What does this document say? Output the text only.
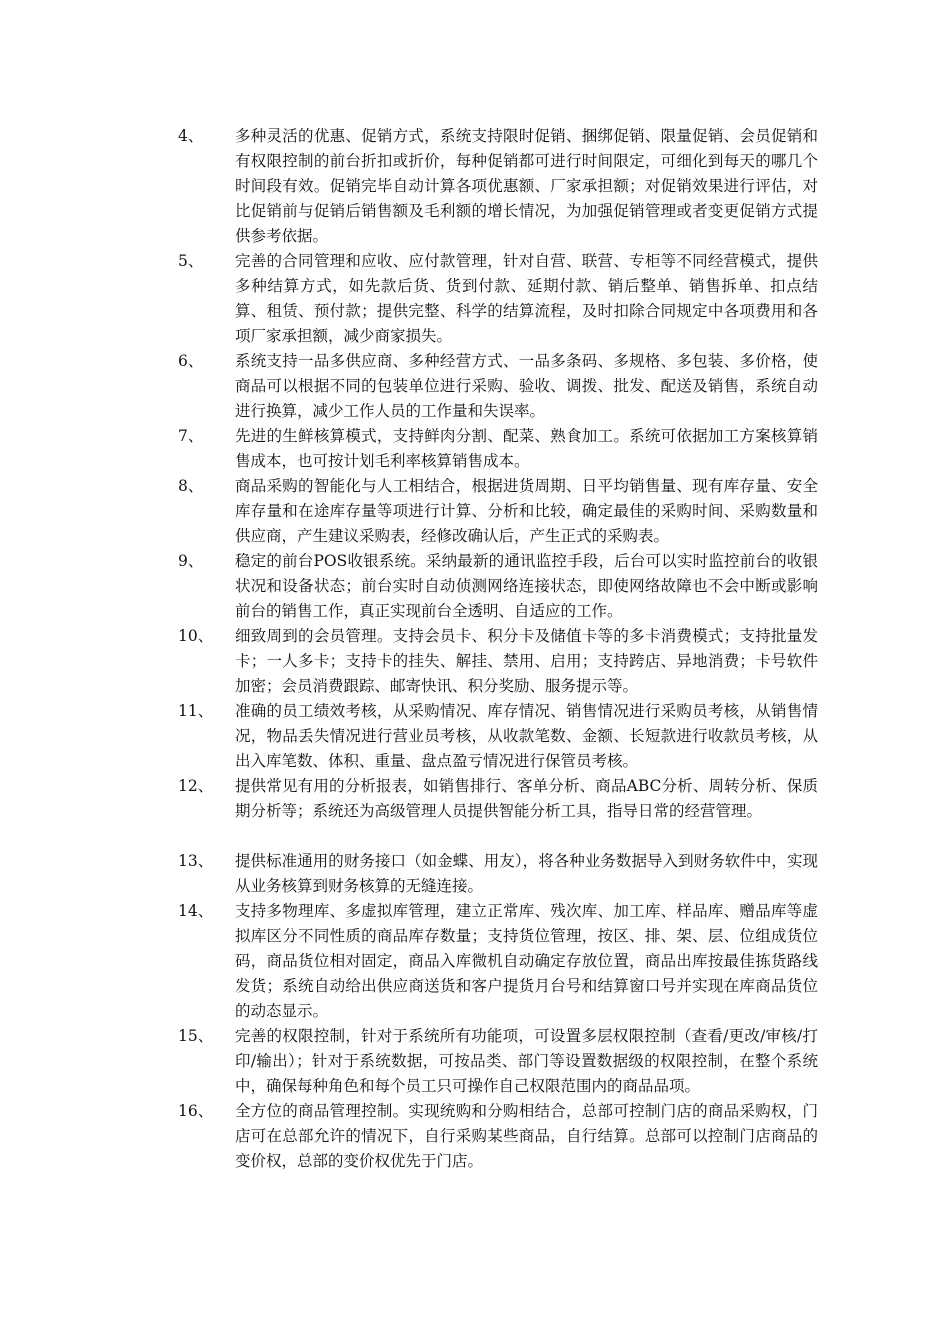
4、	多种灵活的优惠、促销方式，系统支持限时促销、捆绑促销、限量促销、会员促销和有权限控制的前台折扣或折价，每种促销都可进行时间限定，可细化到每天的哪几个时间段有效。促销完毕自动计算各项优惠额、厂家承担额；对促销效果进行评估，对比促销前与促销后销售额及毛利额的增长情况，为加强促销管理或者变更促销方式提供参考依据。
5、	完善的合同管理和应收、应付款管理，针对自营、联营、专柜等不同经营模式，提供多种结算方式，如先款后货、货到付款、延期付款、销后整单、销售拆单、扣点结算、租赁、预付款；提供完整、科学的结算流程，及时扣除合同规定中各项费用和各项厂家承担额，减少商家损失。
6、	系统支持一品多供应商、多种经营方式、一品多条码、多规格、多包装、多价格，使商品可以根据不同的包装单位进行采购、验收、调拨、批发、配送及销售，系统自动进行换算，减少工作人员的工作量和失误率。
7、	先进的生鲜核算模式，支持鲜肉分割、配菜、熟食加工。系统可依据加工方案核算销售成本，也可按计划毛利率核算销售成本。
8、	商品采购的智能化与人工相结合，根据进货周期、日平均销售量、现有库存量、安全库存量和在途库存量等项进行计算、分析和比较，确定最佳的采购时间、采购数量和供应商，产生建议采购表，经修改确认后，产生正式的采购表。
9、	稳定的前台POS收银系统。采纳最新的通讯监控手段，后台可以实时监控前台的收银状况和设备状态；前台实时自动侦测网络连接状态，即使网络故障也不会中断或影响前台的销售工作，真正实现前台全透明、自适应的工作。
10、	细致周到的会员管理。支持会员卡、积分卡及储值卡等的多卡消费模式；支持批量发卡；一人多卡；支持卡的挂失、解挂、禁用、启用；支持跨店、异地消费；卡号软件加密；会员消费跟踪、邮寄快讯、积分奖励、服务提示等。
11、	准确的员工绩效考核，从采购情况、库存情况、销售情况进行采购员考核，从销售情况，物品丢失情况进行营业员考核，从收款笔数、金额、长短款进行收款员考核，从出入库笔数、体积、重量、盘点盈亏情况进行保管员考核。
12、	提供常见有用的分析报表，如销售排行、客单分析、商品ABC分析、周转分析、保质期分析等；系统还为高级管理人员提供智能分析工具，指导日常的经营管理。
13、	提供标准通用的财务接口（如金蝶、用友），将各种业务数据导入到财务软件中，实现从业务核算到财务核算的无缝连接。
14、	支持多物理库、多虚拟库管理，建立正常库、残次库、加工库、样品库、赠品库等虚拟库区分不同性质的商品库存数量；支持货位管理，按区、排、架、层、位组成货位码，商品货位相对固定，商品入库微机自动确定存放位置，商品出库按最佳拣货路线发货；系统自动给出供应商送货和客户提货月台号和结算窗口号并实现在库商品货位的动态显示。
15、	完善的权限控制，针对于系统所有功能项，可设置多层权限控制（查看/更改/审核/打印/输出）；针对于系统数据，可按品类、部门等设置数据级的权限控制，在整个系统中，确保每种角色和每个员工只可操作自己权限范围内的商品品项。
16、	全方位的商品管理控制。实现统购和分购相结合，总部可控制门店的商品采购权，门店可在总部允许的情况下，自行采购某些商品，自行结算。总部可以控制门店商品的变价权，总部的变价权优先于门店。
